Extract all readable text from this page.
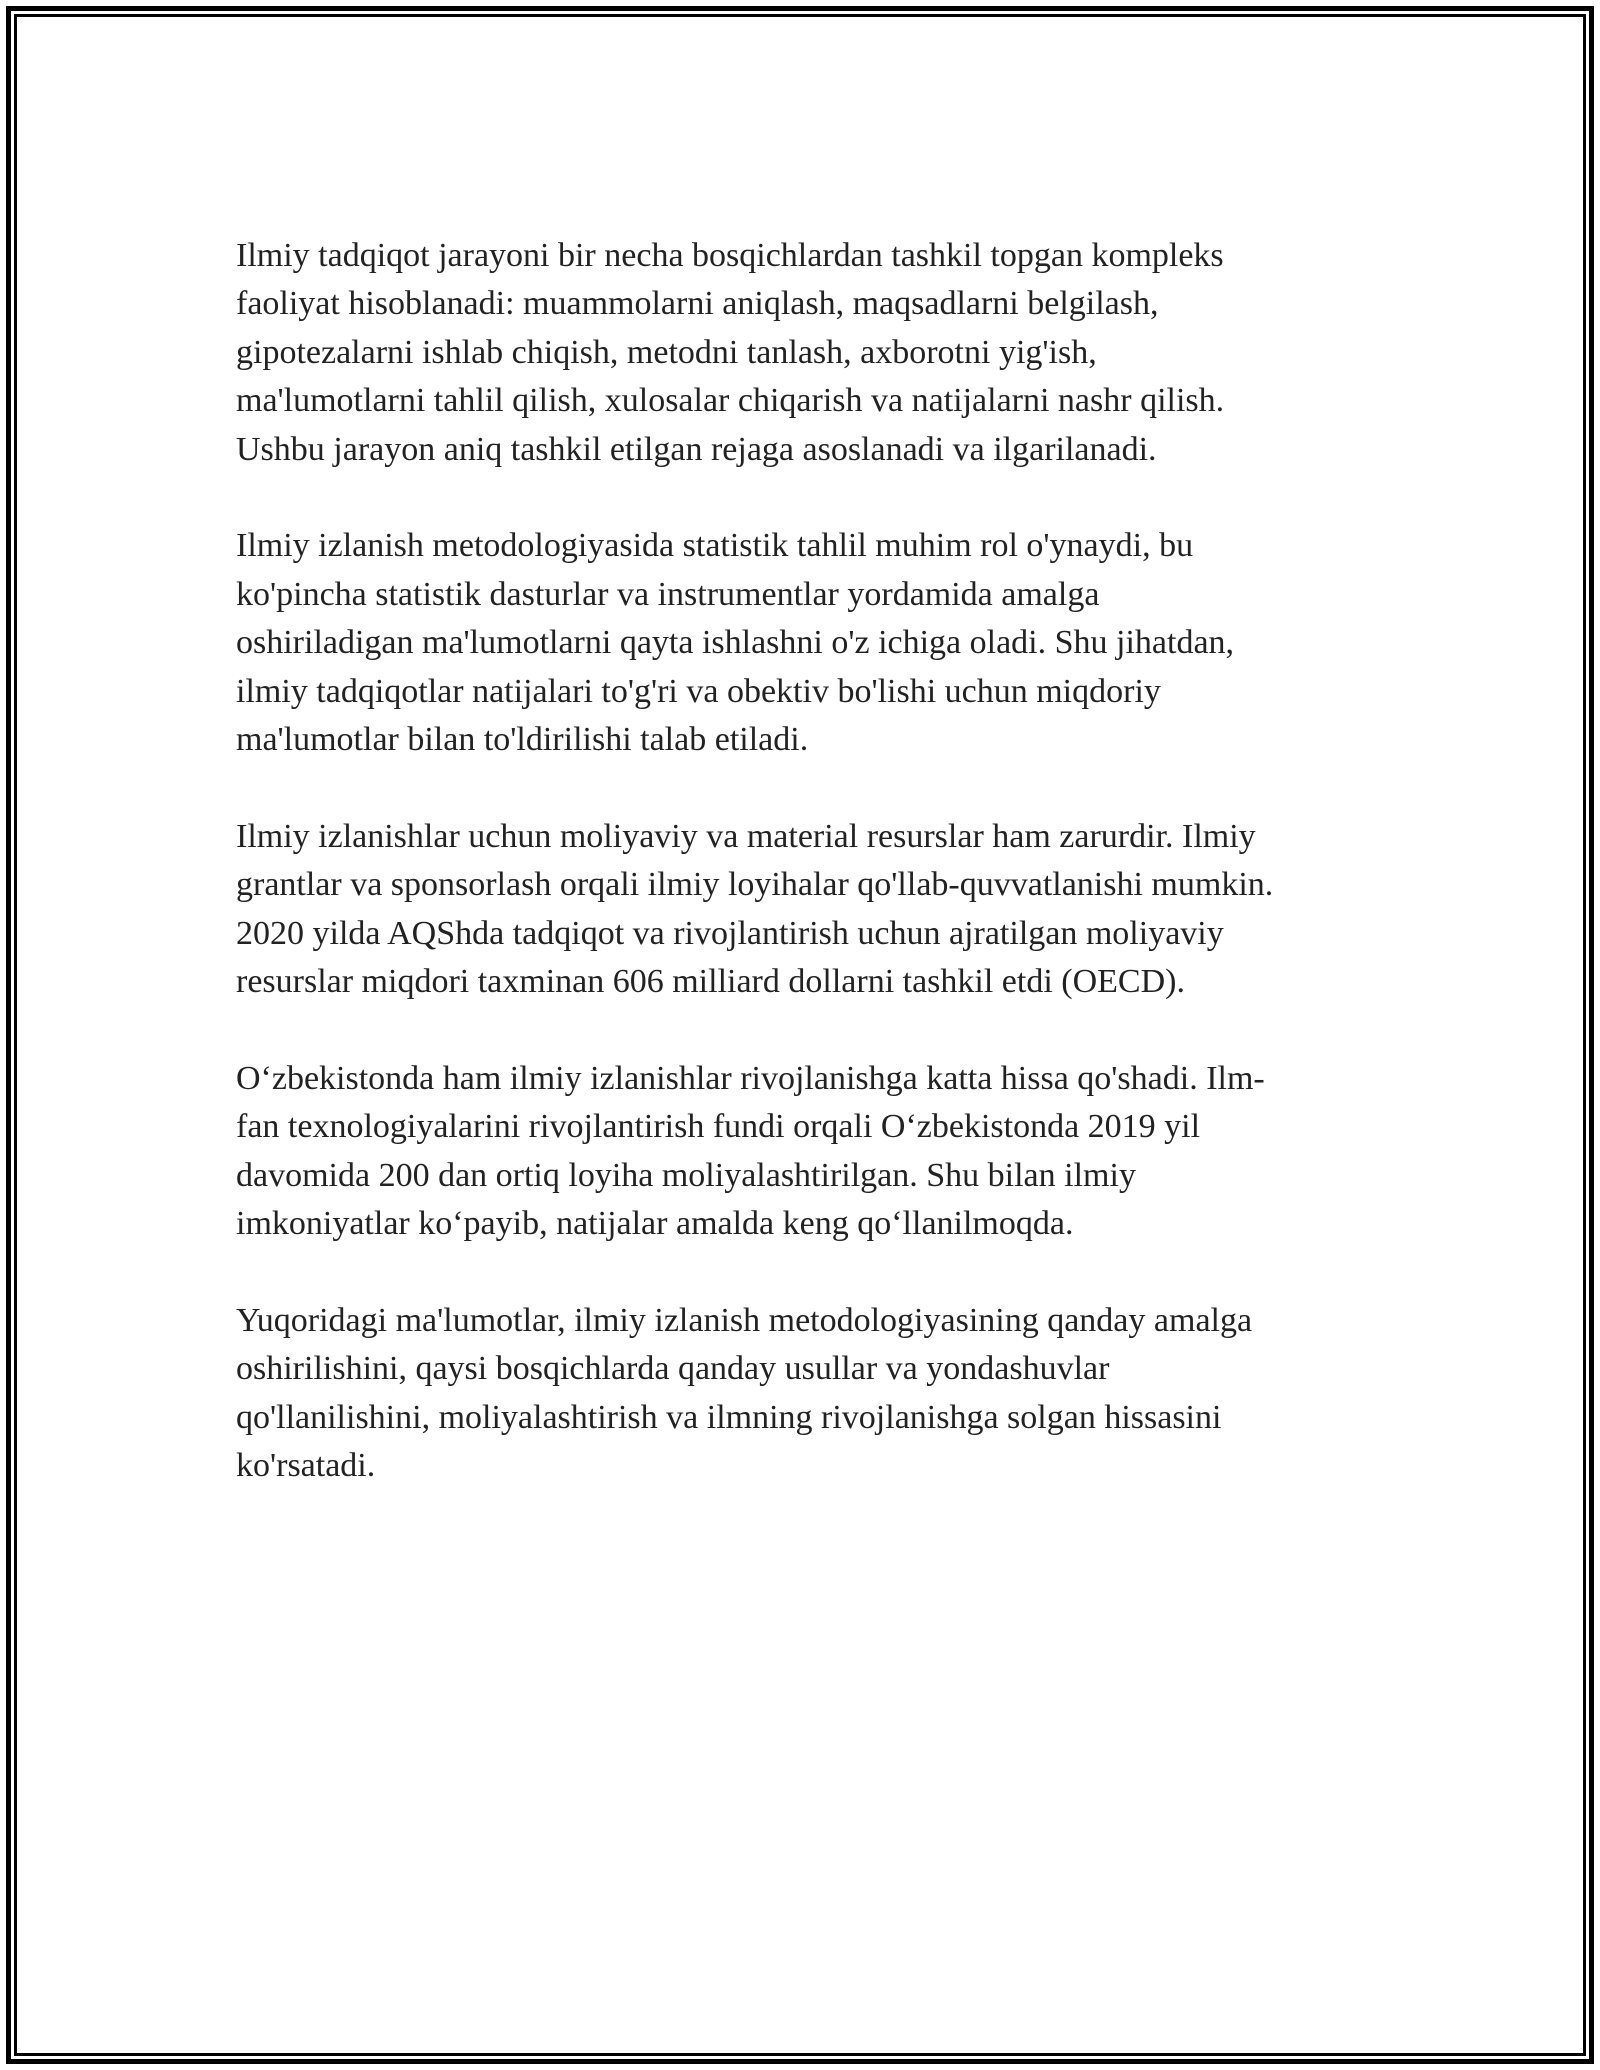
Ilmiy tadqiqot jarayoni bir necha bosqichlardan tashkil topgan kompleks
faoliyat hisoblanadi: muammolarni aniqlash, maqsadlarni belgilash,
gipotezalarni ishlab chiqish, metodni tanlash, axborotni yig'ish,
ma'lumotlarni tahlil qilish, xulosalar chiqarish va natijalarni nashr qilish.
Ushbu jarayon aniq tashkil etilgan rejaga asoslanadi va ilgarilanadi.

Ilmiy izlanish metodologiyasida statistik tahlil muhim rol o'ynaydi, bu
ko'pincha statistik dasturlar va instrumentlar yordamida amalga
oshiriladigan ma'lumotlarni qayta ishlashni o'z ichiga oladi. Shu jihatdan,
ilmiy tadqiqotlar natijalari to'g'ri va obektiv bo'lishi uchun miqdoriy
ma'lumotlar bilan to'ldirilishi talab etiladi.

Ilmiy izlanishlar uchun moliyaviy va material resurslar ham zarurdir. Ilmiy
grantlar va sponsorlash orqali ilmiy loyihalar qo'llab-quvvatlanishi mumkin.
2020 yilda AQShda tadqiqot va rivojlantirish uchun ajratilgan moliyaviy
resurslar miqdori taxminan 606 milliard dollarni tashkil etdi (OECD).

O‘zbekistonda ham ilmiy izlanishlar rivojlanishga katta hissa qo'shadi. Ilm-
fan texnologiyalarini rivojlantirish fundi orqali O‘zbekistonda 2019 yil
davomida 200 dan ortiq loyiha moliyalashtirilgan. Shu bilan ilmiy
imkoniyatlar ko‘payib, natijalar amalda keng qo‘llanilmoqda.

Yuqoridagi ma'lumotlar, ilmiy izlanish metodologiyasining qanday amalga
oshirilishini, qaysi bosqichlarda qanday usullar va yondashuvlar
qo'llanilishini, moliyalashtirish va ilmning rivojlanishga solgan hissasini
ko'rsatadi.
